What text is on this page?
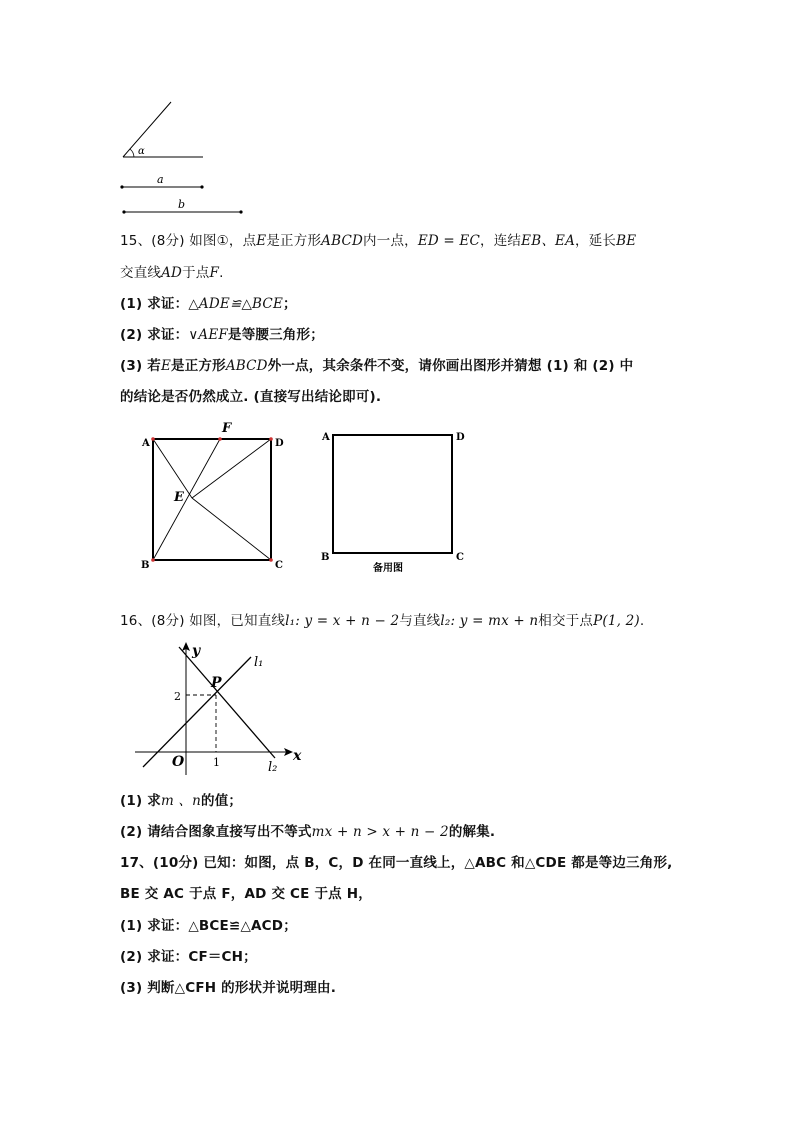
α
a
b
15、(8分) 如图①，点E是正方形ABCD内一点，ED = EC，连结EB、EA，延长BE
交直线AD于点F.
(1) 求证：△ADE≌△BCE；
(2) 求证：∨AEF是等腰三角形；
(3) 若E是正方形ABCD外一点，其余条件不变，请你画出图形并猜想 (1) 和 (2) 中
的结论是否仍然成立. (直接写出结论即可).
A	D
B	C
E
F
A	D
B	C
备用图
16、(8分) 如图，已知直线l₁: y = x + n − 2与直线l₂: y = mx + n相交于点P(1, 2).
y
x
O
P
2
1
l₁
l₂
(1) 求m 、n的值；
(2) 请结合图象直接写出不等式mx + n > x + n − 2的解集.
17、(10分) 已知：如图，点 B，C，D 在同一直线上，△ABC 和△CDE 都是等边三角形,
BE 交 AC 于点 F，AD 交 CE 于点 H，
(1) 求证：△BCE≌△ACD；
(2) 求证：CF＝CH；
(3) 判断△CFH 的形状并说明理由.
